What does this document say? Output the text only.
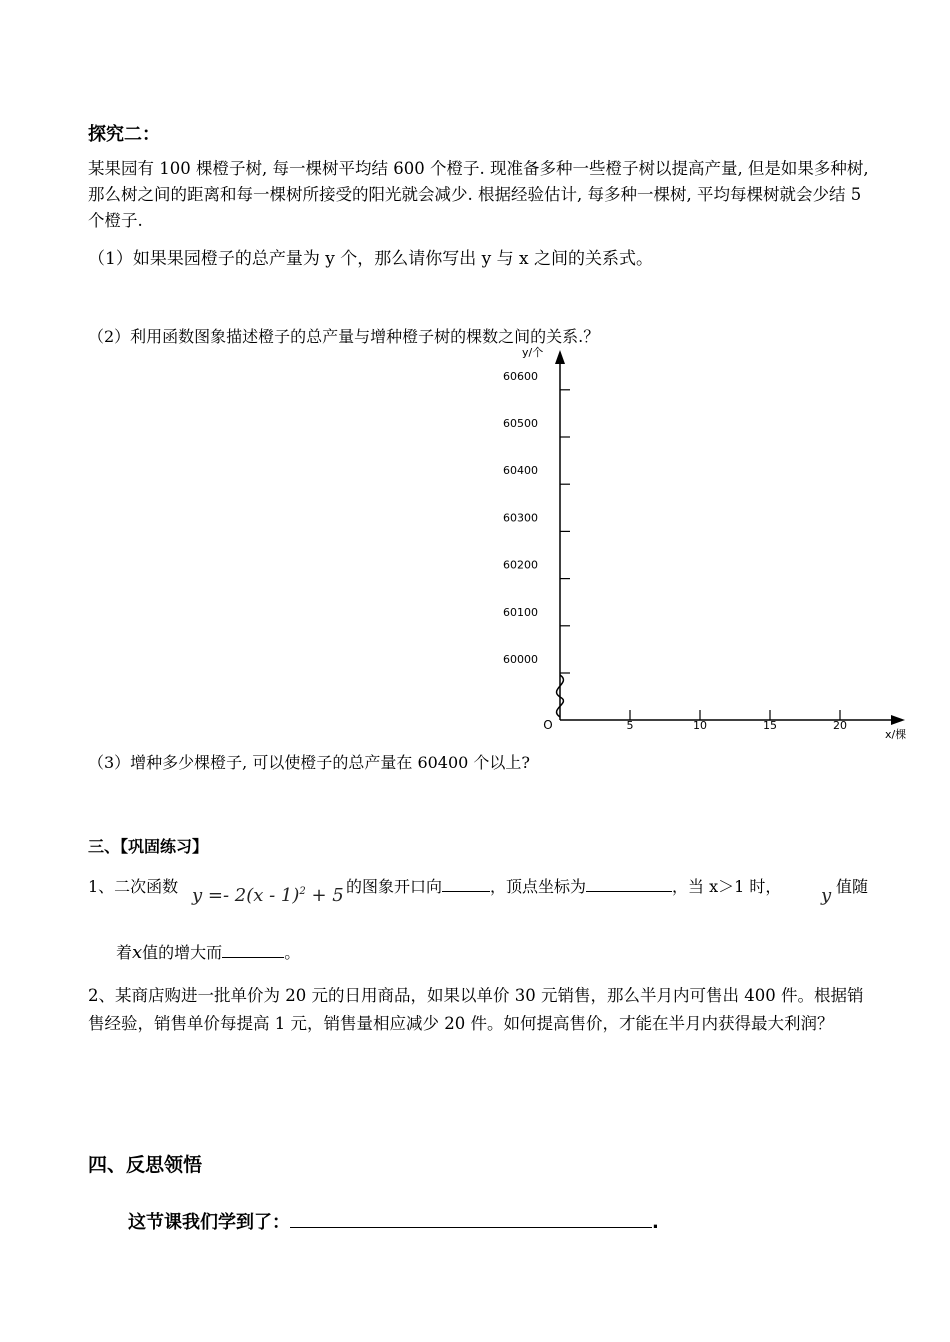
探究二：
某果园有 100 棵橙子树, 每一棵树平均结 600 个橙子. 现准备多种一些橙子树以提高产量, 但是如果多种树, 那么树之间的距离和每一棵树所接受的阳光就会减少. 根据经验估计, 每多种一棵树, 平均每棵树就会少结 5 个橙子.
（1）如果果园橙子的总产量为 y 个，那么请你写出 y 与 x 之间的关系式。
（2）利用函数图象描述橙子的总产量与增种橙子树的棵数之间的关系.？
60000
60100
60200
60300
60400
60500
60600
5	10	15	20
O
y/个
x/棵
（3）增种多少棵橙子, 可以使橙子的总产量在 60400 个以上?
三、【巩固练习】
1、二次函数 y =- 2(x - 1)$^2$ + 5 的图象开口向	，顶点坐标为	，当 x＞1 时， y 值随
着x值的增大而	。
2、某商店购进一批单价为 20 元的日用商品，如果以单价 30 元销售，那么半月内可售出 400 件。根据销售经验，销售单价每提高 1 元，销售量相应减少 20 件。如何提高售价，才能在半月内获得最大利润？
四、反思领悟
这节课我们学到了：	.
